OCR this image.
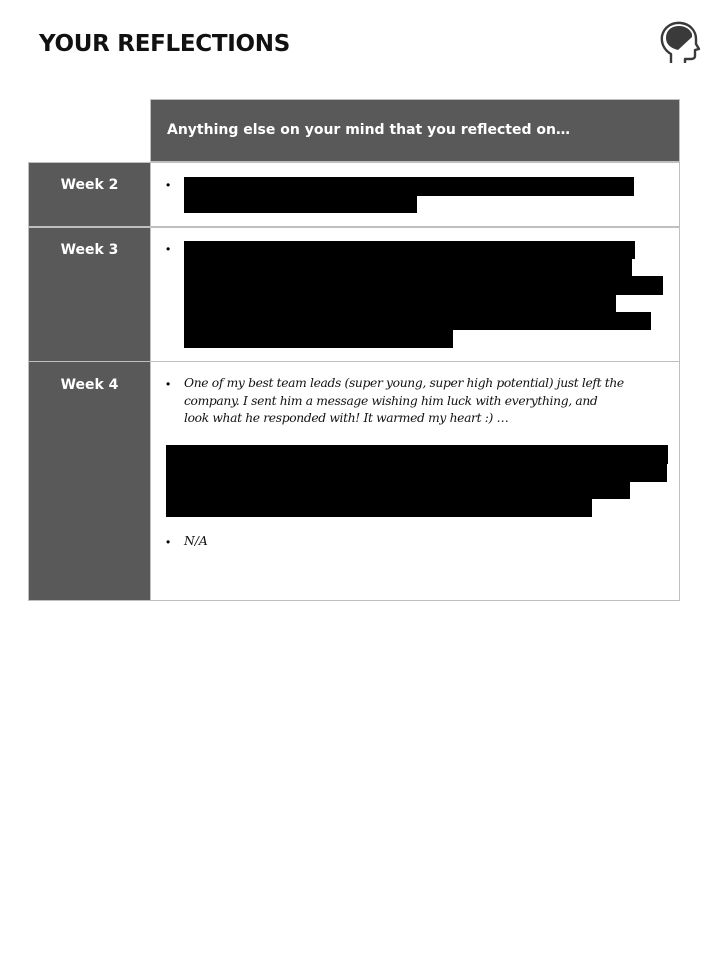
YOUR REFLECTIONS
Anything else on your mind that you reflected on…
Week 2	•
Week 3	•
Week 4	• One of my best team leads (super young, super high potential) just left the
company. I sent him a message wishing him luck with everything, and
look what he responded with! It warmed my heart :) …
• N/A
